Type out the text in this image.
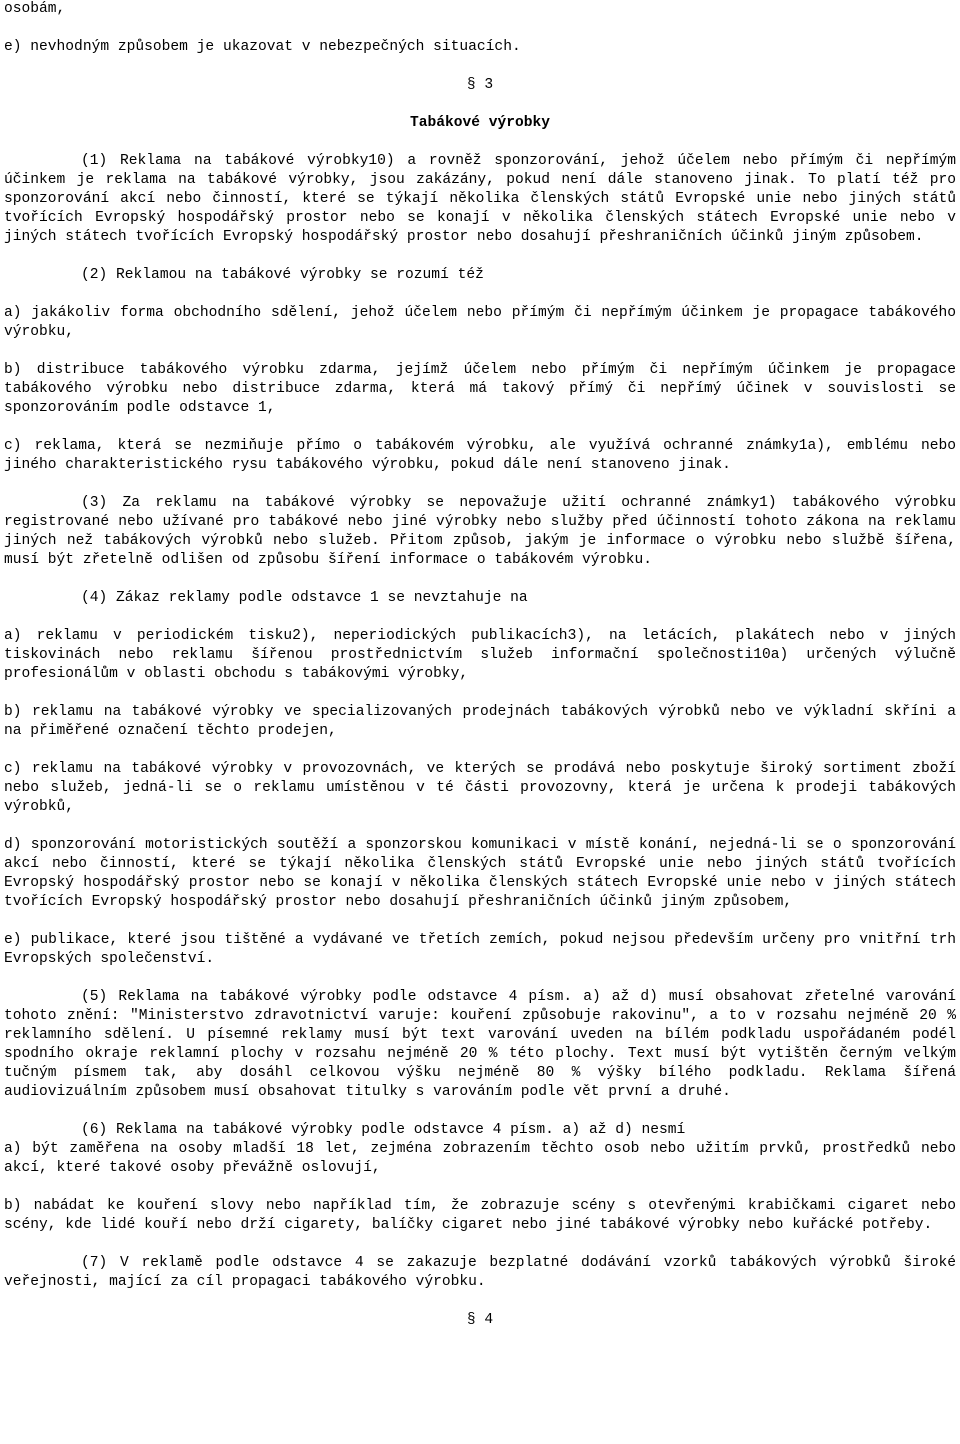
osobám,

e) nevhodným způsobem je ukazovat v nebezpečných situacích.

§ 3

Tabákové výrobky

(1) Reklama na tabákové výrobky10) a rovněž sponzorování, jehož účelem nebo přímým či nepřímým účinkem je reklama na tabákové výrobky, jsou zakázány, pokud není dále stanoveno jinak. To platí též pro sponzorování akcí nebo činností, které se týkají několika členských států Evropské unie nebo jiných států tvořících Evropský hospodářský prostor nebo se konají v několika členských státech Evropské unie nebo v jiných státech tvořících Evropský hospodářský prostor nebo dosahují přeshraničních účinků jiným způsobem.

(2) Reklamou na tabákové výrobky se rozumí též

a) jakákoliv forma obchodního sdělení, jehož účelem nebo přímým či nepřímým účinkem je propagace tabákového výrobku,

b) distribuce tabákového výrobku zdarma, jejímž účelem nebo přímým či nepřímým účinkem je propagace tabákového výrobku nebo distribuce zdarma, která má takový přímý či nepřímý účinek v souvislosti se sponzorováním podle odstavce 1,

c) reklama, která se nezmiňuje přímo o tabákovém výrobku, ale využívá ochranné známky1a), emblému nebo jiného charakteristického rysu tabákového výrobku, pokud dále není stanoveno jinak.

(3) Za reklamu na tabákové výrobky se nepovažuje užití ochranné známky1) tabákového výrobku registrované nebo užívané pro tabákové nebo jiné výrobky nebo služby před účinností tohoto zákona na reklamu jiných než tabákových výrobků nebo služeb. Přitom způsob, jakým je informace o výrobku nebo službě šířena, musí být zřetelně odlišen od způsobu šíření informace o tabákovém výrobku.

(4) Zákaz reklamy podle odstavce 1 se nevztahuje na

a) reklamu v periodickém tisku2), neperiodických publikacích3), na letácích, plakátech nebo v jiných tiskovinách nebo reklamu šířenou prostřednictvím služeb informační společnosti10a) určených výlučně profesionálům v oblasti obchodu s tabákovými výrobky,

b) reklamu na tabákové výrobky ve specializovaných prodejnách tabákových výrobků nebo ve výkladní skříni a na přiměřené označení těchto prodejen,

c) reklamu na tabákové výrobky v provozovnách, ve kterých se prodává nebo poskytuje široký sortiment zboží nebo služeb, jedná-li se o reklamu umístěnou v té části provozovny, která je určena k prodeji tabákových výrobků,

d) sponzorování motoristických soutěží a sponzorskou komunikaci v místě konání, nejedná-li se o sponzorování akcí nebo činností, které se týkají několika členských států Evropské unie nebo jiných států tvořících Evropský hospodářský prostor nebo se konají v několika členských státech Evropské unie nebo v jiných státech tvořících Evropský hospodářský prostor nebo dosahují přeshraničních účinků jiným způsobem,

e) publikace, které jsou tištěné a vydávané ve třetích zemích, pokud nejsou především určeny pro vnitřní trh Evropských společenství.

(5) Reklama na tabákové výrobky podle odstavce 4 písm. a) až d) musí obsahovat zřetelné varování tohoto znění: "Ministerstvo zdravotnictví varuje: kouření způsobuje rakovinu", a to v rozsahu nejméně 20 % reklamního sdělení. U písemné reklamy musí být text varování uveden na bílém podkladu uspořádaném podél spodního okraje reklamní plochy v rozsahu nejméně 20 % této plochy. Text musí být vytištěn černým velkým tučným písmem tak, aby dosáhl celkovou výšku nejméně 80 % výšky bílého podkladu. Reklama šířená audiovizuálním způsobem musí obsahovat titulky s varováním podle vět první a druhé.

(6) Reklama na tabákové výrobky podle odstavce 4 písm. a) až d) nesmí

a) být zaměřena na osoby mladší 18 let, zejména zobrazením těchto osob nebo užitím prvků, prostředků nebo akcí, které takové osoby převážně oslovují,

b) nabádat ke kouření slovy nebo například tím, že zobrazuje scény s otevřenými krabičkami cigaret nebo scény, kde lidé kouří nebo drží cigarety, balíčky cigaret nebo jiné tabákové výrobky nebo kuřácké potřeby.

(7) V reklamě podle odstavce 4 se zakazuje bezplatné dodávání vzorků tabákových výrobků široké veřejnosti, mající za cíl propagaci tabákového výrobku.

§ 4
